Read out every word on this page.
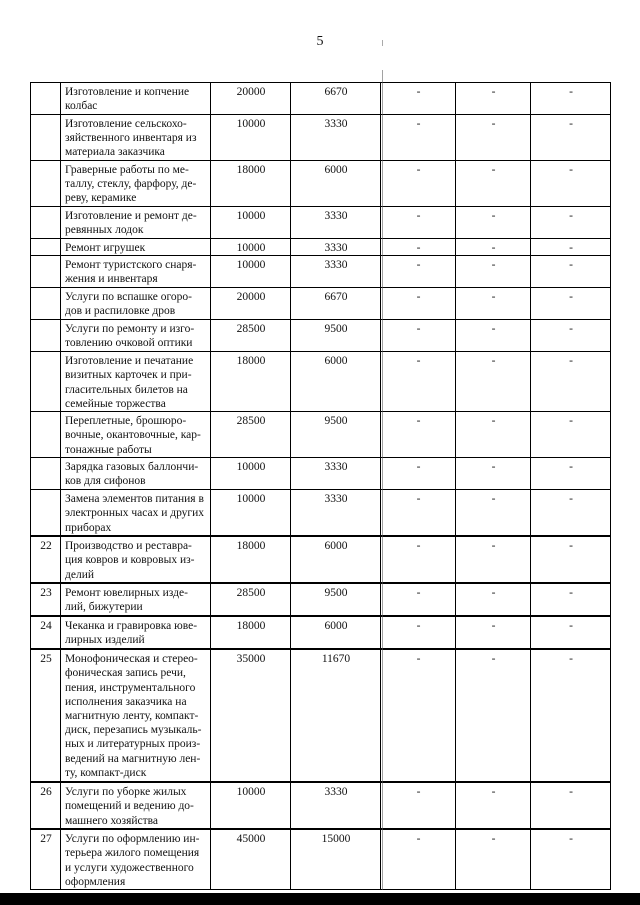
5
	Изготовление и копчение колбас	20000	6670	-	-	-
	Изготовление сельскохо-зяйственного инвентаря из материала заказчика	10000	3330	-	-	-
	Граверные работы по ме-таллу, стеклу, фарфору, де-реву, керамике	18000	6000	-	-	-
	Изготовление и ремонт де-ревянных лодок	10000	3330	-	-	-
	Ремонт игрушек	10000	3330	-	-	-
	Ремонт туристского снаря-жения и инвентаря	10000	3330	-	-	-
	Услуги по вспашке огоро-дов и распиловке дров	20000	6670	-	-	-
	Услуги по ремонту и изго-товлению очковой оптики	28500	9500	-	-	-
	Изготовление и печатание визитных карточек и при-гласительных билетов на семейные торжества	18000	6000	-	-	-
	Переплетные, брошюро-вочные, окантовочные, кар-тонажные работы	28500	9500	-	-	-
	Зарядка газовых баллончи-ков для сифонов	10000	3330	-	-	-
	Замена элементов питания в электронных часах и других приборах	10000	3330	-	-	-
22	Производство и реставра-ция ковров и ковровых из-делий	18000	6000	-	-	-
23	Ремонт ювелирных изде-лий, бижутерии	28500	9500	-	-	-
24	Чеканка и гравировка юве-лирных изделий	18000	6000	-	-	-
25	Монофоническая и стерео-фоническая запись речи, пения, инструментального исполнения заказчика на магнитную ленту, компакт-диск, перезапись музыкаль-ных и литературных произ-ведений на магнитную лен-ту, компакт-диск	35000	11670	-	-	-
26	Услуги по уборке жилых помещений и ведению до-машнего хозяйства	10000	3330	-	-	-
27	Услуги по оформлению ин-терьера жилого помещения и услуги художественного оформления	45000	15000	-	-	-
